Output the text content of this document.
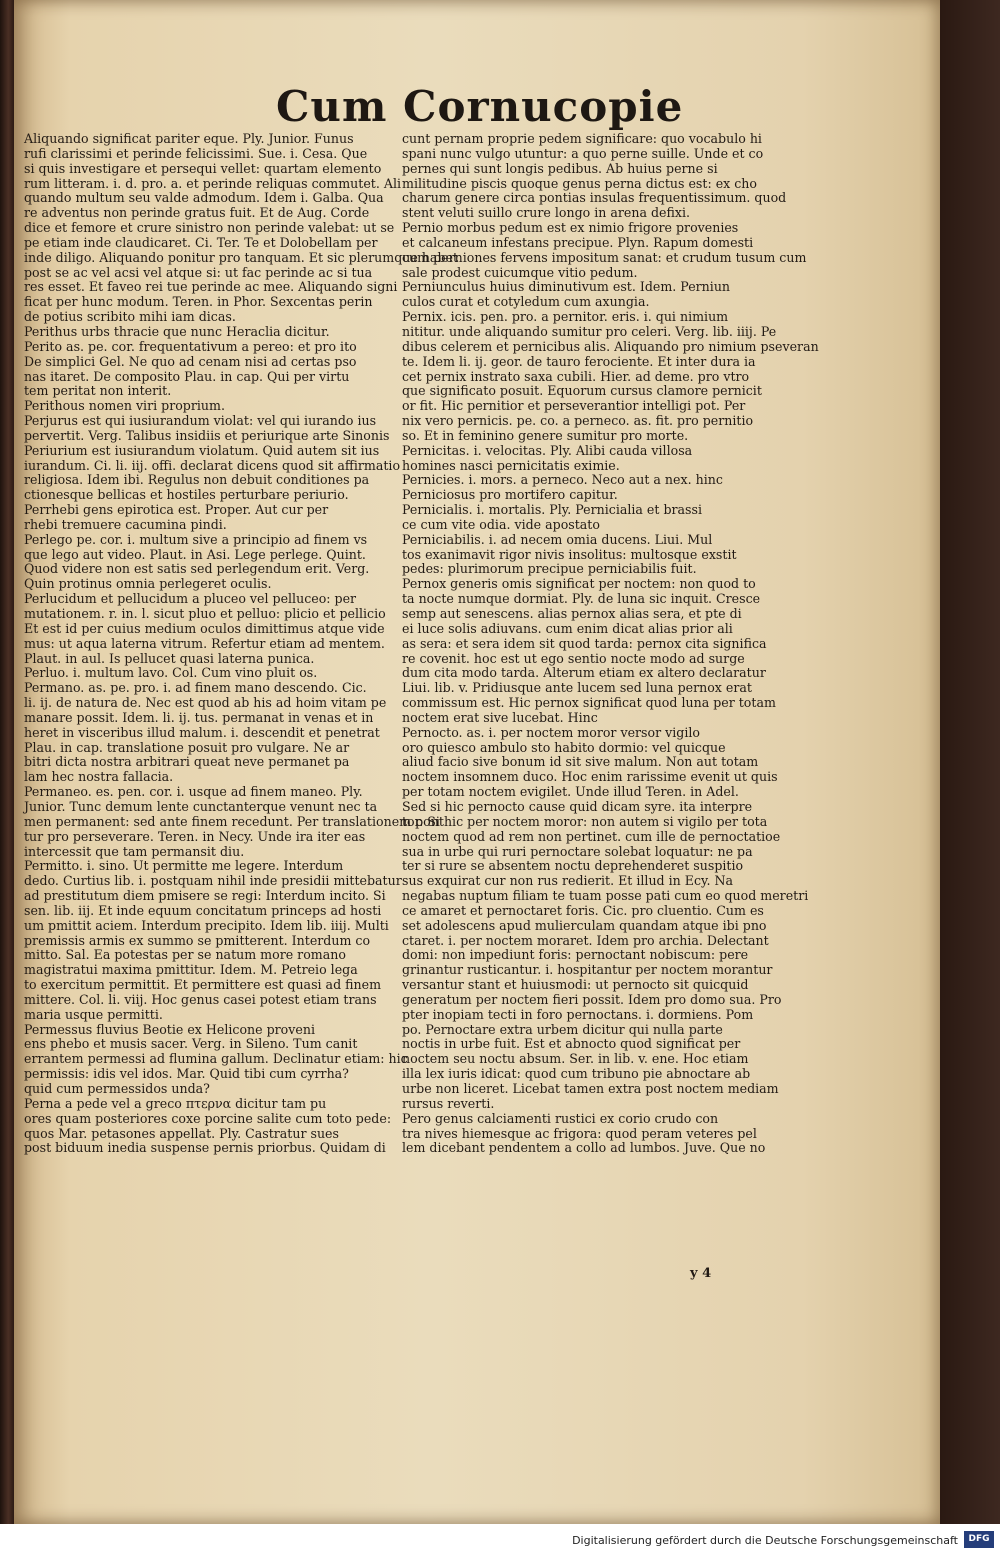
Cum Cornucopie
Aliquando significat pariter eque. Ply. Junior. Funus
rufi clarissimi et perinde felicissimi. Sue. i. Cesa. Que
si quis investigare et persequi vellet: quartam elemento
rum litteram. i. d. pro. a. et perinde reliquas commutet. Ali
quando multum seu valde admodum. Idem i. Galba. Qua
re adventus non perinde gratus fuit. Et de Aug. Corde
dice et femore et crure sinistro non perinde valebat: ut se
pe etiam inde claudicaret. Ci. Ter. Te et Dolobellam per
inde diligo. Aliquando ponitur pro tanquam. Et sic plerumque habet
post se ac vel acsi vel atque si: ut fac perinde ac si tua
res esset. Et faveo rei tue perinde ac mee. Aliquando signi
ficat per hunc modum. Teren. in Phor. Sexcentas perin
de potius scribito mihi iam dicas.
Perithus urbs thracie que nunc Heraclia dicitur.
Perito as. pe. cor. frequentativum a pereo: et pro ito
De simplici Gel. Ne quo ad cenam nisi ad certas pso
nas itaret. De composito Plau. in cap. Qui per virtu
tem peritat non interit.
Perithous nomen viri proprium.
Perjurus est qui iusiurandum violat: vel qui iurando ius
pervertit. Verg. Talibus insidiis et periurique arte Sinonis
Periurium est iusiurandum violatum. Quid autem sit ius
iurandum. Ci. li. iij. offi. declarat dicens quod sit affirmatio
religiosa. Idem ibi. Regulus non debuit conditiones pa
ctionesque bellicas et hostiles perturbare periurio.
Perrhebi gens epirotica est. Proper. Aut cur per
rhebi tremuere cacumina pindi.
Perlego pe. cor. i. multum sive a principio ad finem vs
que lego aut video. Plaut. in Asi. Lege perlege. Quint.
Quod videre non est satis sed perlegendum erit. Verg.
Quin protinus omnia perlegeret oculis.
Perlucidum et pellucidum a pluceo vel pelluceo: per
mutationem. r. in. l. sicut pluo et pelluo: plicio et pellicio
Et est id per cuius medium oculos dimittimus atque vide
mus: ut aqua laterna vitrum. Refertur etiam ad mentem.
Plaut. in aul. Is pellucet quasi laterna punica.
Perluo. i. multum lavo. Col. Cum vino pluit os.
Permano. as. pe. pro. i. ad finem mano descendo. Cic.
li. ij. de natura de. Nec est quod ab his ad hoim vitam pe
manare possit. Idem. li. ij. tus. permanat in venas et in
heret in visceribus illud malum. i. descendit et penetrat
Plau. in cap. translatione posuit pro vulgare. Ne ar
bitri dicta nostra arbitrari queat neve permanet pa
lam hec nostra fallacia.
Permaneo. es. pen. cor. i. usque ad finem maneo. Ply.
Junior. Tunc demum lente cunctanterque venunt nec ta
men permanent: sed ante finem recedunt. Per translationem pont
tur pro perseverare. Teren. in Necy. Unde ira iter eas
intercessit que tam permansit diu.
Permitto. i. sino. Ut permitte me legere. Interdum
dedo. Curtius lib. i. postquam nihil inde presidii mittebatur
ad prestitutum diem pmisere se regi: Interdum incito. Si
sen. lib. iij. Et inde equum concitatum princeps ad hosti
um pmittit aciem. Interdum precipito. Idem lib. iiij. Multi
premissis armis ex summo se pmitterent. Interdum co
mitto. Sal. Ea potestas per se natum more romano
magistratui maxima pmittitur. Idem. M. Petreio lega
to exercitum permittit. Et permittere est quasi ad finem
mittere. Col. li. viij. Hoc genus casei potest etiam trans
maria usque permitti.
Permessus fluvius Beotie ex Helicone proveni
ens phebo et musis sacer. Verg. in Sileno. Tum canit
errantem permessi ad flumina gallum. Declinatur etiam: hic
permissis: idis vel idos. Mar. Quid tibi cum cyrrha?
quid cum permessidos unda?
Perna a pede vel a greco πτερνα dicitur tam pu
ores quam posteriores coxe porcine salite cum toto pede:
quos Mar. petasones appellat. Ply. Castratur sues
post biduum inedia suspense pernis priorbus. Quidam di
cunt pernam proprie pedem significare: quo vocabulo hi
spani nunc vulgo utuntur: a quo perne suille. Unde et co
pernes qui sunt longis pedibus. Ab huius perne si
militudine piscis quoque genus perna dictus est: ex cho
charum genere circa pontias insulas frequentissimum. quod
stent veluti suillo crure longo in arena defixi.
Pernio morbus pedum est ex nimio frigore provenies
et calcaneum infestans precipue. Plyn. Rapum domesti
cum perniones fervens impositum sanat: et crudum tusum cum
sale prodest cuicumque vitio pedum.
Perniunculus huius diminutivum est. Idem. Perniun
culos curat et cotyledum cum axungia.
Pernix. icis. pen. pro. a pernitor. eris. i. qui nimium
nititur. unde aliquando sumitur pro celeri. Verg. lib. iiij. Pe
dibus celerem et pernicibus alis. Aliquando pro nimium pseveran
te. Idem li. ij. geor. de tauro ferociente. Et inter dura ia
cet pernix instrato saxa cubili. Hier. ad deme. pro vtro
que significato posuit. Equorum cursus clamore pernicit
or fit. Hic pernitior et perseverantior intelligi pot. Per
nix vero pernicis. pe. co. a perneco. as. fit. pro pernitio
so. Et in feminino genere sumitur pro morte.
Pernicitas. i. velocitas. Ply. Alibi cauda villosa
homines nasci pernicitatis eximie.
Pernicies. i. mors. a perneco. Neco aut a nex. hinc
Perniciosus pro mortifero capitur.
Pernicialis. i. mortalis. Ply. Pernicialia et brassi
ce cum vite odia. vide apostato
Perniciabilis. i. ad necem omia ducens. Liui. Mul
tos exanimavit rigor nivis insolitus: multosque exstit
pedes: plurimorum precipue perniciabilis fuit.
Pernox generis omis significat per noctem: non quod to
ta nocte numque dormiat. Ply. de luna sic inquit. Cresce
semp aut senescens. alias pernox alias sera, et pte di
ei luce solis adiuvans. cum enim dicat alias prior ali
as sera: et sera idem sit quod tarda: pernox cita significa
re covenit. hoc est ut ego sentio nocte modo ad surge
dum cita modo tarda. Alterum etiam ex altero declaratur
Liui. lib. v. Pridiusque ante lucem sed luna pernox erat
commissum est. Hic pernox significat quod luna per totam
noctem erat sive lucebat. Hinc
Pernocto. as. i. per noctem moror versor vigilo
oro quiesco ambulo sto habito dormio: vel quicque
aliud facio sive bonum id sit sive malum. Non aut totam
noctem insomnem duco. Hoc enim rarissime evenit ut quis
per totam noctem evigilet. Unde illud Teren. in Adel.
Sed si hic pernocto cause quid dicam syre. ita interpre
tor. Si hic per noctem moror: non autem si vigilo per tota
noctem quod ad rem non pertinet. cum ille de pernoctatioe
sua in urbe qui ruri pernoctare solebat loquatur: ne pa
ter si rure se absentem noctu deprehenderet suspitio
sus exquirat cur non rus redierit. Et illud in Ecy. Na
negabas nuptum filiam te tuam posse pati cum eo quod meretri
ce amaret et pernoctaret foris. Cic. pro cluentio. Cum es
set adolescens apud mulierculam quandam atque ibi pno
ctaret. i. per noctem moraret. Idem pro archia. Delectant
domi: non impediunt foris: pernoctant nobiscum: pere
grinantur rusticantur. i. hospitantur per noctem morantur
versantur stant et huiusmodi: ut pernocto sit quicquid
generatum per noctem fieri possit. Idem pro domo sua. Pro
pter inopiam tecti in foro pernoctans. i. dormiens. Pom
po. Pernoctare extra urbem dicitur qui nulla parte
noctis in urbe fuit. Est et abnocto quod significat per
noctem seu noctu absum. Ser. in lib. v. ene. Hoc etiam
illa lex iuris idicat: quod cum tribuno pie abnoctare ab
urbe non liceret. Licebat tamen extra post noctem mediam
rursus reverti.
Pero genus calciamenti rustici ex corio crudo con
tra nives hiemesque ac frigora: quod peram veteres pel
lem dicebant pendentem a collo ad lumbos. Juve. Que no
y 4
Digitalisierung gefördert durch die Deutsche Forschungsgemeinschaft	DFG
